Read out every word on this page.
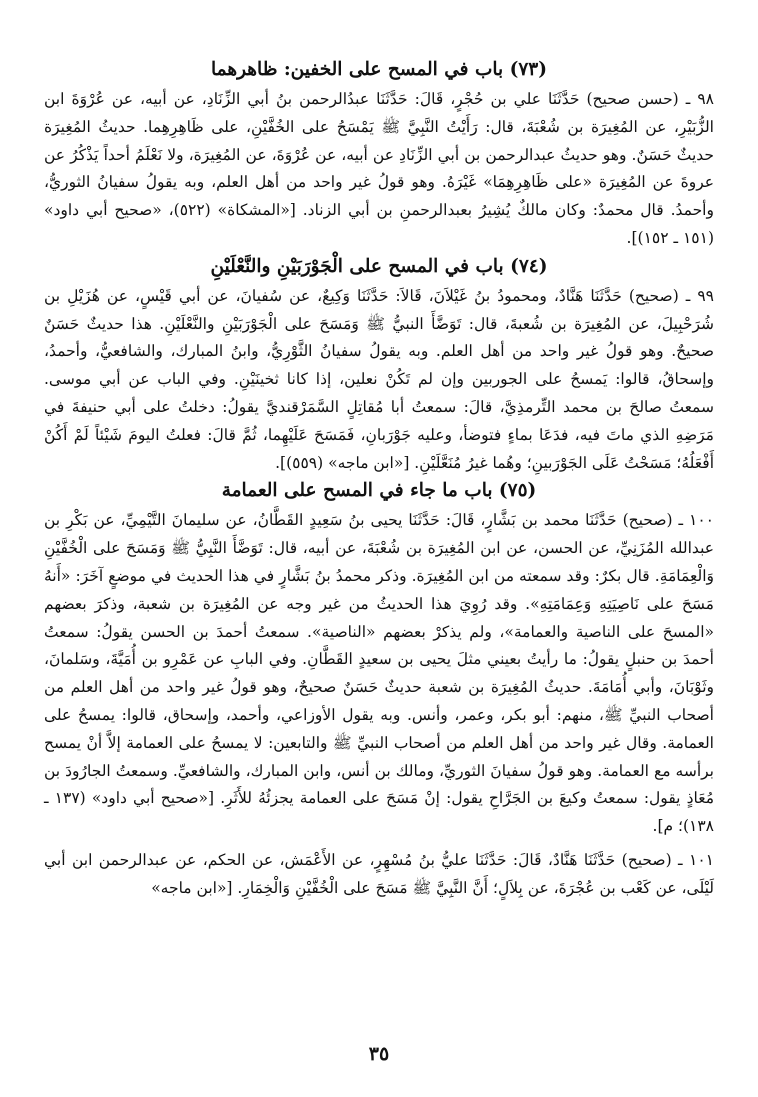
(٧٣) باب في المسح على الخفين: ظاهرهما

٩٨ ـ (حسن صحيح) حَدَّثَنَا علي بن حُجْرٍ، قَالَ: حَدَّثَنَا عبدُالرحمن بنُ أبي الزِّنَادِ، عن أبيه، عن عُرْوَةَ ابن الزُّبَيْرِ، عن المُغِيرَة بن شُعْبَةَ، قال: رَأَيْتُ النَّبِيَّ ﷺ يَمْسَحُ على الخُفَّيْنِ، على ظَاهِرِهِما. حديثُ المُغِيرَة حديثٌ حَسَنٌ. وهو حديثُ عبدالرحمن بن أبي الزِّنَادِ عن أبيه، عن عُرْوَةَ، عن المُغِيرَة، ولا نَعْلَمُ أحداً يَذْكُرُ عن عروةَ عن المُغِيرَة «على ظَاهِرِهِمَا» غَيْرَهُ. وهو قولُ غير واحد من أهل العلم، وبه يقولُ سفيانُ الثوريُّ، وأحمدُ. قال محمدٌ: وكان مالكٌ يُشِيرُ بعبدالرحمنِ بن أبي الزناد. [«المشكاة» (٥٢٢)، «صحيح أبي داود» (١٥١ ـ ١٥٢)].

(٧٤) باب في المسح على الْجَوْرَبَيْنِ والنَّعْلَيْنِ

٩٩ ـ (صحيح) حَدَّثَنَا هَنَّادٌ، ومحمودُ بنُ غَيْلاَنَ، قَالاَ: حَدَّثَنَا وَكِيعٌ، عن سُفيانَ، عن أبي قَيْسٍ، عن هُزَيْلِ بن شُرَحْبِيلَ، عن المُغِيرَة بن شُعبةَ، قال: تَوَضَّأَ النبيُّ ﷺ وَمَسَحَ على الْجَوْرَبَيْنِ والنَّعْلَيْنِ. هذا حديثٌ حَسَنٌ صحيحٌ. وهو قولُ غير واحد من أهل العلم. وبه يقولُ سفيانُ الثَّوْرِيُّ، وابنُ المبارك، والشافعيُّ، وأحمدُ، وإسحاقُ، قالوا: يَمسحُ على الجوربين وإن لم تَكُنْ نعلين، إذا كانا ثخينَيْنِ. وفي الباب عن أبي موسى. سمعتُ صالحَ بن محمد التِّرمذِيَّ، قالَ: سمعتُ أبا مُقاتِلٍ السَّمَرْقنديَّ يقولُ: دخلتُ على أبي حنيفةَ في مَرَضِهِ الذي ماتَ فيه، فدَعَا بماءٍ فتوضأ، وعليه جَوْرَبانِ، فَمَسَحَ عَلَيْهِما، ثُمَّ قالَ: فعلتُ اليومَ شَيْئاً لَمْ أَكُنْ أَفْعَلُهُ؛ مَسَحْتُ عَلَى الجَوْرَبينِ؛ وهُما غيرُ مُنَعَّلَيْنِ. [«ابن ماجه» (٥٥٩)].

(٧٥) باب ما جاء في المسح على العمامة

١٠٠ ـ (صحيح) حَدَّثَنَا محمد بن بَشَّارٍ، قَالَ: حَدَّثَنَا يحيى بنُ سَعِيدٍ القَطَّانُ، عن سليمانَ التَّيْمِيِّ، عن بَكْرِ بن عبدالله المُزَنِيِّ، عن الحسن، عن ابن المُغِيرَة بن شُعْبَةَ، عن أبيه، قال: تَوَضَّأَ النَّبِيُّ ﷺ وَمَسَحَ على الْخُفَّيْنِ وَالْعِمَامَةِ. قال بكرٌ: وقد سمعته من ابن المُغِيرَة. وذكر محمدُ بنُ بَشَّارٍ في هذا الحديث في موضعٍ آخَرَ: «أَنهُ مَسَحَ على نَاصِيَتِهِ وَعِمَامَتِهِ». وقد رُوِيَ هذا الحديثُ من غير وجه عن المُغِيرَة بن شعبة، وذكرَ بعضهم «المسحَ على الناصية والعمامة»، ولم يذكرْ بعضهم «الناصية». سمعتُ أحمدَ بن الحسن يقولُ: سمعتُ أحمدَ بن حنبلٍ يقولُ: ما رأيتُ بعيني مثلَ يحيى بن سعيدٍ القَطَّانِ. وفي البابِ عن عَمْرِو بن أُمَيَّةَ، وسَلمانَ، وثَوْبَانَ، وأبي أُمَامَةَ. حديثُ المُغِيرَة بن شعبة حديثٌ حَسَنٌ صحيحٌ، وهو قولُ غير واحد من أهل العلم من أصحاب النبيِّ ﷺ، منهم: أبو بكر، وعمر، وأنس. وبه يقول الأوزاعي، وأحمد، وإسحاق، قالوا: يمسحُ على العمامة. وقال غير واحد من أهل العلم من أصحاب النبيِّ ﷺ والتابعين: لا يمسحُ على العمامة إلاَّ أنْ يمسح برأسه مع العمامة. وهو قولُ سفيانَ الثوريِّ، ومالك بن أنس، وابن المبارك، والشافعيِّ. وسمعتُ الجارُودَ بن مُعَاذٍ يقول: سمعتُ وكيعَ بن الجَرَّاحِ يقول: إنْ مَسَحَ على العمامة يجزئُهُ للأَثَرِ. [«صحيح أبي داود» (١٣٧ ـ ١٣٨)؛ م].

١٠١ ـ (صحيح) حَدَّثَنَا هَنَّادٌ، قَالَ: حَدَّثَنَا عليُّ بنُ مُسْهِرٍ، عن الأَعْمَش، عن الحكم، عن عبدالرحمن ابن أبي لَيْلَى، عن كَعْب بن عُجْرَةَ، عن بِلاَلٍ؛ أَنَّ النَّبِيَّ ﷺ مَسَحَ على الْخُفَّيْنِ وَالْخِمَارِ. [«ابن ماجه»

٣٥
